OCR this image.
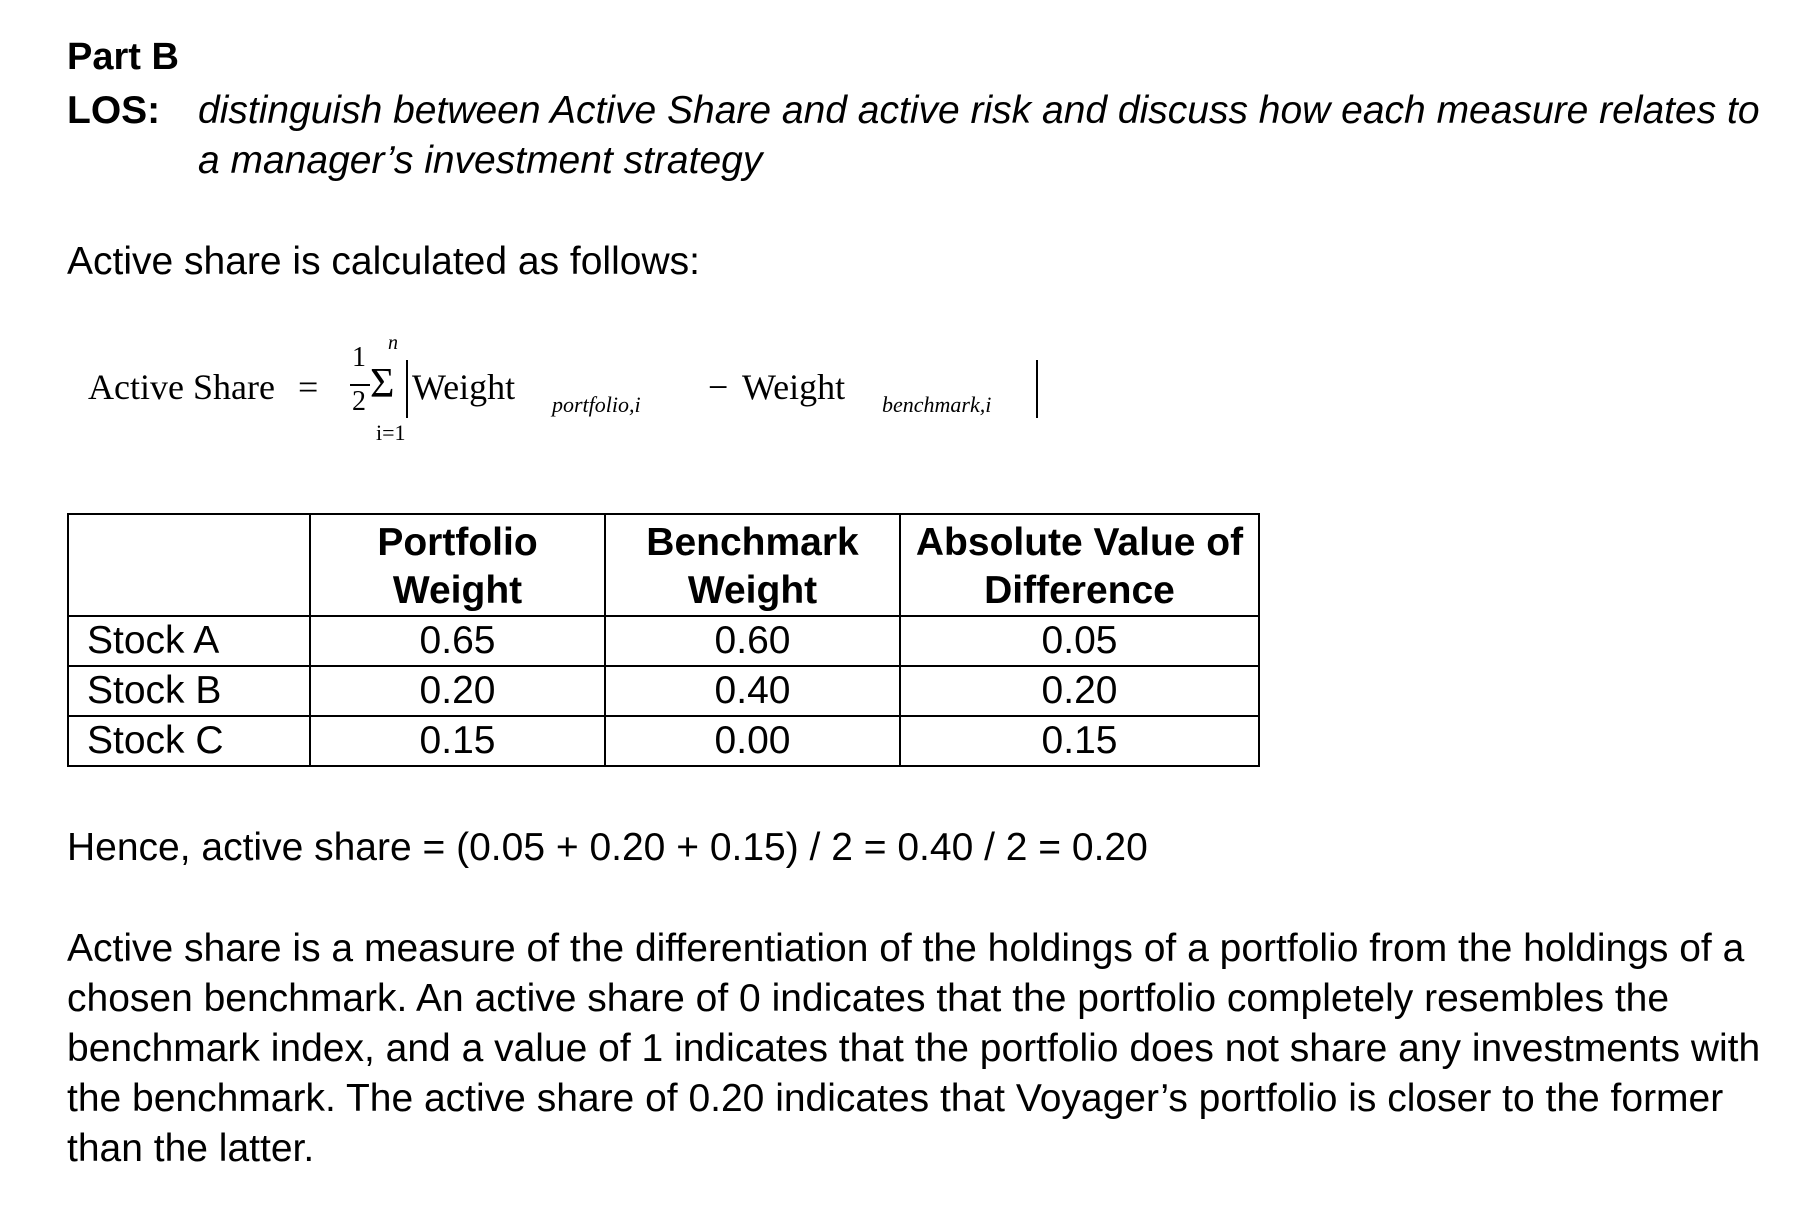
Part B
LOS: distinguish between Active Share and active risk and discuss how each measure relates to a manager’s investment strategy
Active share is calculated as follows:
Active Share =
1
2 Σ
n
i=1
Weight portfolio,i − Weight benchmark,i
	Portfolio Weight	Benchmark Weight	Absolute Value of Difference
Stock A	0.65	0.60	0.05
Stock B	0.20	0.40	0.20
Stock C	0.15	0.00	0.15
Hence, active share = (0.05 + 0.20 + 0.15) / 2 = 0.40 / 2 = 0.20
Active share is a measure of the differentiation of the holdings of a portfolio from the holdings of a chosen benchmark. An active share of 0 indicates that the portfolio completely resembles the benchmark index, and a value of 1 indicates that the portfolio does not share any investments with the benchmark. The active share of 0.20 indicates that Voyager’s portfolio is closer to the former than the latter.
